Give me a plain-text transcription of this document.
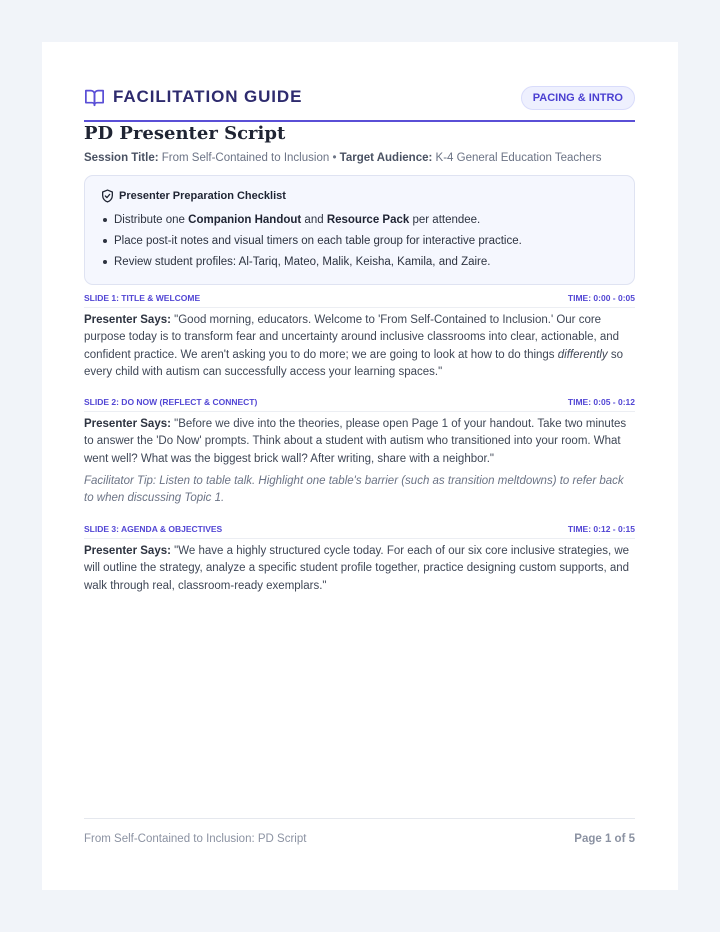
FACILITATION GUIDE	PACING & INTRO
PD Presenter Script
Session Title: From Self-Contained to Inclusion • Target Audience: K-4 General Education Teachers
Presenter Preparation Checklist
Distribute one Companion Handout and Resource Pack per attendee.
Place post-it notes and visual timers on each table group for interactive practice.
Review student profiles: Al-Tariq, Mateo, Malik, Keisha, Kamila, and Zaire.
SLIDE 1: TITLE & WELCOME	TIME: 0:00 - 0:05
Presenter Says: "Good morning, educators. Welcome to 'From Self-Contained to Inclusion.' Our core purpose today is to transform fear and uncertainty around inclusive classrooms into clear, actionable, and confident practice. We aren't asking you to do more; we are going to look at how to do things differently so every child with autism can successfully access your learning spaces."
SLIDE 2: DO NOW (REFLECT & CONNECT)	TIME: 0:05 - 0:12
Presenter Says: "Before we dive into the theories, please open Page 1 of your handout. Take two minutes to answer the 'Do Now' prompts. Think about a student with autism who transitioned into your room. What went well? What was the biggest brick wall? After writing, share with a neighbor."
Facilitator Tip: Listen to table talk. Highlight one table's barrier (such as transition meltdowns) to refer back to when discussing Topic 1.
SLIDE 3: AGENDA & OBJECTIVES	TIME: 0:12 - 0:15
Presenter Says: "We have a highly structured cycle today. For each of our six core inclusive strategies, we will outline the strategy, analyze a specific student profile together, practice designing custom supports, and walk through real, classroom-ready exemplars."
From Self-Contained to Inclusion: PD Script	Page 1 of 5
